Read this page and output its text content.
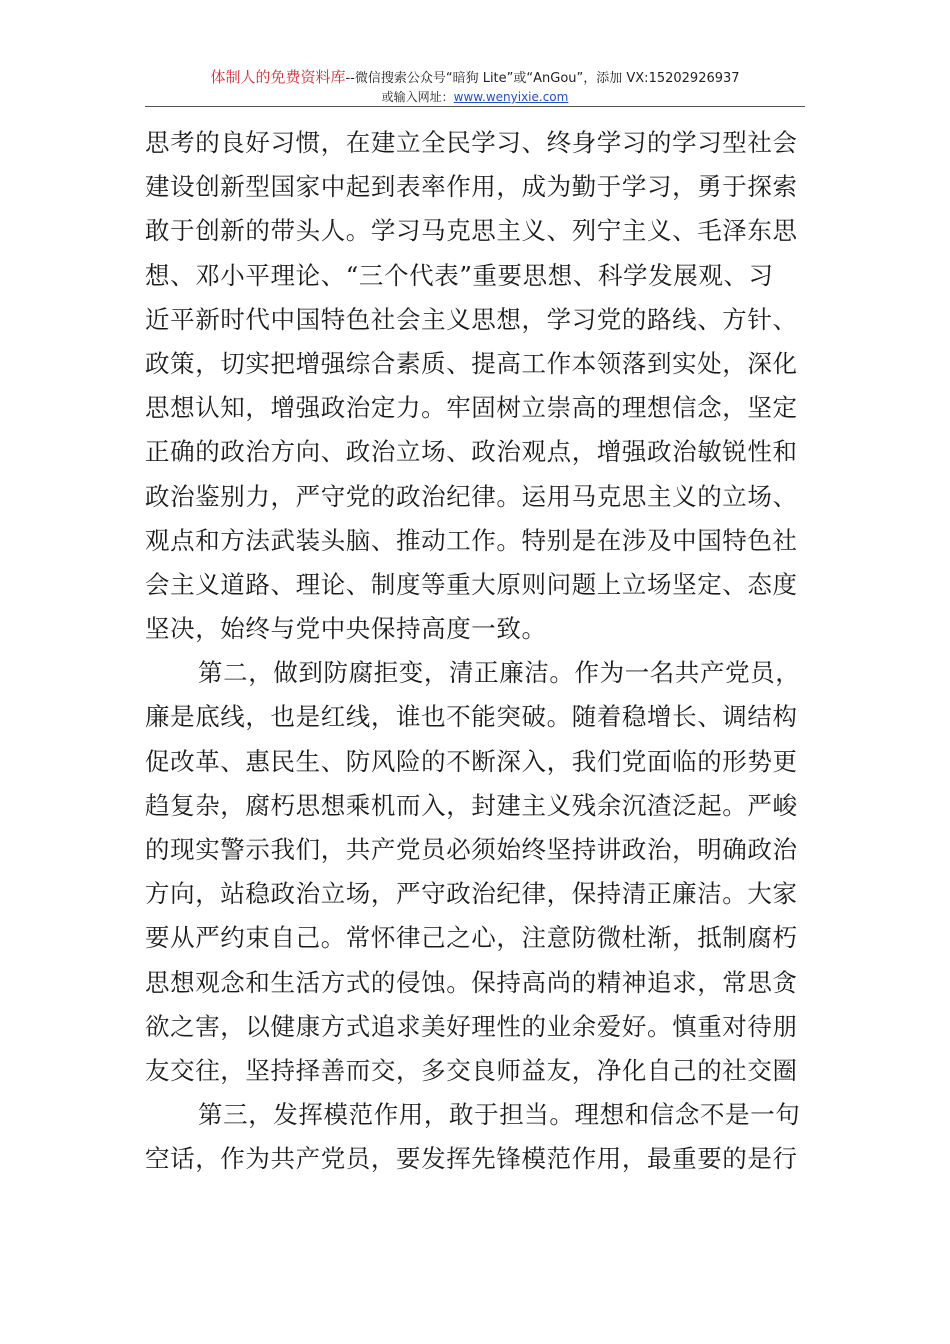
体制人的免费资料库--微信搜索公众号“暗狗 Lite”或“AnGou”，添加 VX:15202926937
或输入网址：www.wenyixie.com
思考的良好习惯，在建立全民学习、终身学习的学习型社会
建设创新型国家中起到表率作用，成为勤于学习，勇于探索
敢于创新的带头人。学习马克思主义、列宁主义、毛泽东思
想、邓小平理论、“三个代表”重要思想、科学发展观、习
近平新时代中国特色社会主义思想，学习党的路线、方针、
政策，切实把增强综合素质、提高工作本领落到实处，深化
思想认知，增强政治定力。牢固树立崇高的理想信念，坚定
正确的政治方向、政治立场、政治观点，增强政治敏锐性和
政治鉴别力，严守党的政治纪律。运用马克思主义的立场、
观点和方法武装头脑、推动工作。特别是在涉及中国特色社
会主义道路、理论、制度等重大原则问题上立场坚定、态度
坚决，始终与党中央保持高度一致。
第二，做到防腐拒变，清正廉洁。作为一名共产党员，
廉是底线，也是红线，谁也不能突破。随着稳增长、调结构
促改革、惠民生、防风险的不断深入，我们党面临的形势更
趋复杂，腐朽思想乘机而入，封建主义残余沉渣泛起。严峻
的现实警示我们，共产党员必须始终坚持讲政治，明确政治
方向，站稳政治立场，严守政治纪律，保持清正廉洁。大家
要从严约束自己。常怀律己之心，注意防微杜渐，抵制腐朽
思想观念和生活方式的侵蚀。保持高尚的精神追求，常思贪
欲之害，以健康方式追求美好理性的业余爱好。慎重对待朋
友交往，坚持择善而交，多交良师益友，净化自己的社交圈
第三，发挥模范作用，敢于担当。理想和信念不是一句
空话，作为共产党员，要发挥先锋模范作用，最重要的是行
